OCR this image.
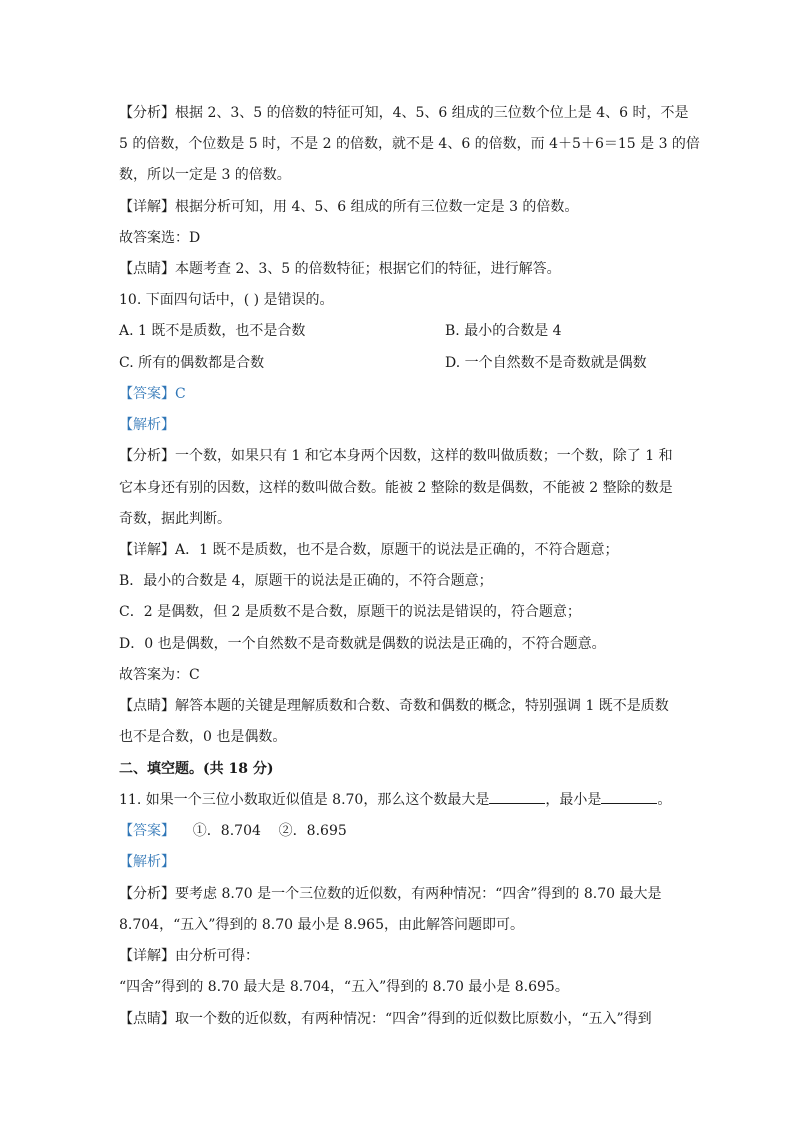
【分析】根据 2、3、5 的倍数的特征可知，4、5、6 组成的三位数个位上是 4、6 时，不是
5 的倍数，个位数是 5 时，不是 2 的倍数，就不是 4、6 的倍数，而 4＋5＋6＝15 是 3 的倍
数，所以一定是 3 的倍数。
【详解】根据分析可知，用 4、5、6 组成的所有三位数一定是 3 的倍数。
故答案选：D
【点睛】本题考查 2、3、5 的倍数特征；根据它们的特征，进行解答。
10. 下面四句话中，( ) 是错误的。
A. 1 既不是质数，也不是合数	B. 最小的合数是 4
C. 所有的偶数都是合数	D. 一个自然数不是奇数就是偶数
【答案】C
【解析】
【分析】一个数，如果只有 1 和它本身两个因数，这样的数叫做质数；一个数，除了 1 和
它本身还有别的因数，这样的数叫做合数。能被 2 整除的数是偶数，不能被 2 整除的数是
奇数，据此判断。
【详解】A．1 既不是质数，也不是合数，原题干的说法是正确的，不符合题意；
B．最小的合数是 4，原题干的说法是正确的，不符合题意；
C．2 是偶数，但 2 是质数不是合数，原题干的说法是错误的，符合题意；
D．0 也是偶数，一个自然数不是奇数就是偶数的说法是正确的，不符合题意。
故答案为：C
【点睛】解答本题的关键是理解质数和合数、奇数和偶数的概念，特别强调 1 既不是质数
也不是合数，0 也是偶数。
二、填空题。(共 18 分)
11. 如果一个三位小数取近似值是 8.70，那么这个数最大是	，最小是	。
【答案】    ①．8.704    ②．8.695
【解析】
【分析】要考虑 8.70 是一个三位数的近似数，有两种情况：“四舍”得到的 8.70 最大是
8.704，“五入”得到的 8.70 最小是 8.965，由此解答问题即可。
【详解】由分析可得：
“四舍”得到的 8.70 最大是 8.704，“五入”得到的 8.70 最小是 8.695。
【点睛】取一个数的近似数，有两种情况：“四舍”得到的近似数比原数小，“五入”得到
